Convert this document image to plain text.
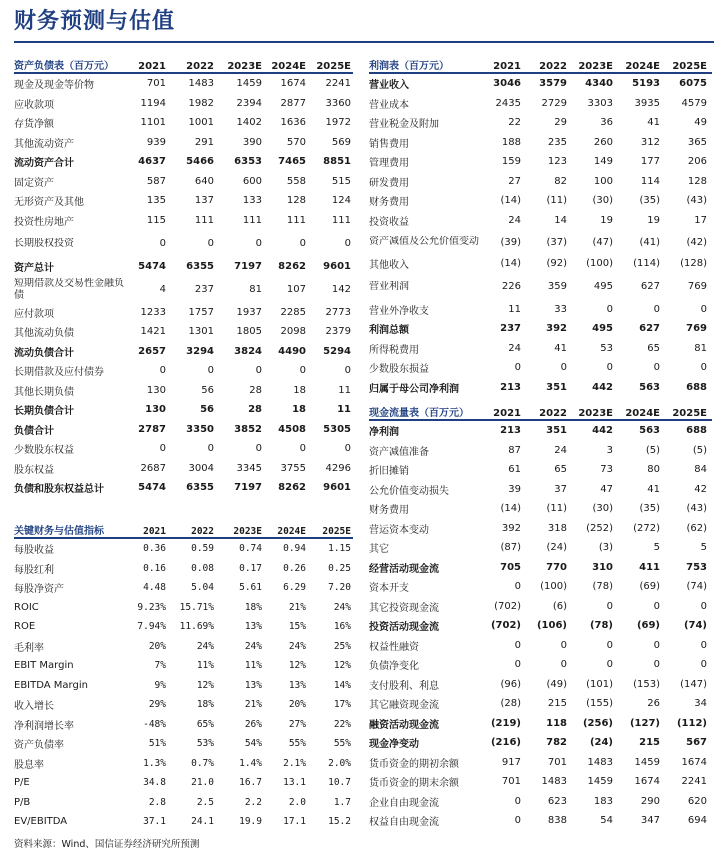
财务预测与估值
资产负债表（百万元）	2021	2022	2023E 2024E	2025E
现金及现金等价物	701	1483	1459	1674	2241
应收款项	1194	1982	2394	2877	3360
存货净额	1101	1001	1402	1636	1972
其他流动资产	939	291	390	570	569
流动资产合计	4637	5466	6353	7465	8851
固定资产	587	640	600	558	515
无形资产及其他	135	137	133	128	124
投资性房地产	115	111	111	111	111
长期股权投资	0	0	0	0	0
资产总计	5474	6355	7197	8262	9601
短期借款及交易性金融负债	4	237	81	107	142
应付款项	1233	1757	1937	2285	2773
其他流动负债	1421	1301	1805	2098	2379
流动负债合计	2657	3294	3824	4490	5294
长期借款及应付债券	0	0	0	0	0
其他长期负债	130	56	28	18	11
长期负债合计	130	56	28	18	11
负债合计	2787	3350	3852	4508	5305
少数股东权益	0	0	0	0	0
股东权益	2687	3004	3345	3755	4296
负债和股东权益总计	5474	6355	7197	8262	9601
关键财务与估值指标	2021	2022	2023E	2024E	2025E
每股收益	0.36	0.59	0.74	0.94	1.15
每股红利	0.16	0.08	0.17	0.26	0.25
每股净资产	4.48	5.04	5.61	6.29	7.20
ROIC	9.23%	15.71%	18%	21%	24%
ROE	7.94%	11.69%	13%	15%	16%
毛利率	20%	24%	24%	24%	25%
EBIT Margin	7%	11%	11%	12%	12%
EBITDA Margin	9%	12%	13%	13%	14%
收入增长	29%	18%	21%	20%	17%
净利润增长率	-48%	65%	26%	27%	22%
资产负债率	51%	53%	54%	55%	55%
股息率	1.3%	0.7%	1.4%	2.1%	2.0%
P/E	34.8	21.0	16.7	13.1	10.7
P/B	2.8	2.5	2.2	2.0	1.7
EV/EBITDA	37.1	24.1	19.9	17.1	15.2
利润表（百万元）	2021	2022	2023E	2024E	2025E
营业收入	3046	3579	4340	5193	6075
营业成本	2435	2729	3303	3935	4579
营业税金及附加	22	29	36	41	49
销售费用	188	235	260	312	365
管理费用	159	123	149	177	206
研发费用	27	82	100	114	128
财务费用	(14)	(11)	(30)	(35)	(43)
投资收益	24	14	19	19	17
资产减值及公允价值变动	(39)	(37)	(47)	(41)	(42)
其他收入	(14)	(92)	(100)	(114)	(128)
营业利润	226	359	495	627	769
营业外净收支	11	33	0	0	0
利润总额	237	392	495	627	769
所得税费用	24	41	53	65	81
少数股东损益	0	0	0	0	0
归属于母公司净利润	213	351	442	563	688
现金流量表（百万元）	2021	2022	2023E	2024E	2025E
净利润	213	351	442	563	688
资产减值准备	87	24	3	(5)	(5)
折旧摊销	61	65	73	80	84
公允价值变动损失	39	37	47	41	42
财务费用	(14)	(11)	(30)	(35)	(43)
营运资本变动	392	318	(252)	(272)	(62)
其它	(87)	(24)	(3)	5	5
经营活动现金流	705	770	310	411	753
资本开支	0	(100)	(78)	(69)	(74)
其它投资现金流	(702)	(6)	0	0	0
投资活动现金流	(702)	(106)	(78)	(69)	(74)
权益性融资	0	0	0	0	0
负债净变化	0	0	0	0	0
支付股利、利息	(96)	(49)	(101)	(153)	(147)
其它融资现金流	(28)	215	(155)	26	34
融资活动现金流	(219)	118	(256)	(127)	(112)
现金净变动	(216)	782	(24)	215	567
货币资金的期初余额	917	701	1483	1459	1674
货币资金的期末余额	701	1483	1459	1674	2241
企业自由现金流	0	623	183	290	620
权益自由现金流	0	838	54	347	694
资料来源：Wind、国信证券经济研究所预测
